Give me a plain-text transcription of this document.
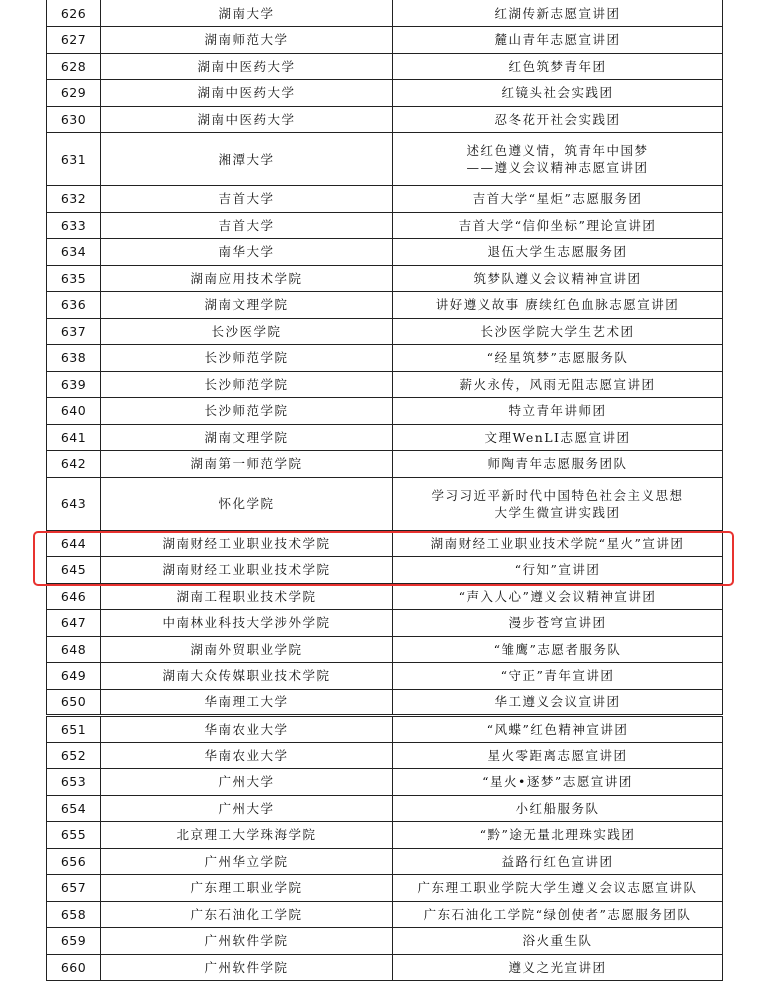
626	湖南大学	红湖传新志愿宣讲团

627	湖南师范大学	麓山青年志愿宣讲团

628	湖南中医药大学	红色筑梦青年团

629	湖南中医药大学	红镜头社会实践团

630	湖南中医药大学	忍冬花开社会实践团

631	湘潭大学	述红色遵义情，筑青年中国梦
——遵义会议精神志愿宣讲团

632	吉首大学	吉首大学“星炬”志愿服务团

633	吉首大学	吉首大学“信仰坐标”理论宣讲团

634	南华大学	退伍大学生志愿服务团

635	湖南应用技术学院	筑梦队遵义会议精神宣讲团

636	湖南文理学院	讲好遵义故事 赓续红色血脉志愿宣讲团

637	长沙医学院	长沙医学院大学生艺术团

638	长沙师范学院	“经星筑梦”志愿服务队

639	长沙师范学院	薪火永传，风雨无阻志愿宣讲团

640	长沙师范学院	特立青年讲师团

641	湖南文理学院	文理WenLI志愿宣讲团

642	湖南第一师范学院	师陶青年志愿服务团队

643	怀化学院	学习习近平新时代中国特色社会主义思想
大学生微宣讲实践团

644	湖南财经工业职业技术学院	湖南财经工业职业技术学院“星火”宣讲团

645	湖南财经工业职业技术学院	“行知”宣讲团

646	湖南工程职业技术学院	“声入人心”遵义会议精神宣讲团

647	中南林业科技大学涉外学院	漫步苍穹宣讲团

648	湖南外贸职业学院	“雏鹰”志愿者服务队

649	湖南大众传媒职业技术学院	“守正”青年宣讲团

650	华南理工大学	华工遵义会议宣讲团

651	华南农业大学	“风蝶”红色精神宣讲团

652	华南农业大学	星火零距离志愿宣讲团

653	广州大学	“星火•逐梦”志愿宣讲团

654	广州大学	小红船服务队

655	北京理工大学珠海学院	“黔”途无量北理珠实践团

656	广州华立学院	益路行红色宣讲团

657	广东理工职业学院	广东理工职业学院大学生遵义会议志愿宣讲队

658	广东石油化工学院	广东石油化工学院“绿创使者”志愿服务团队

659	广州软件学院	浴火重生队

660	广州软件学院	遵义之光宣讲团
